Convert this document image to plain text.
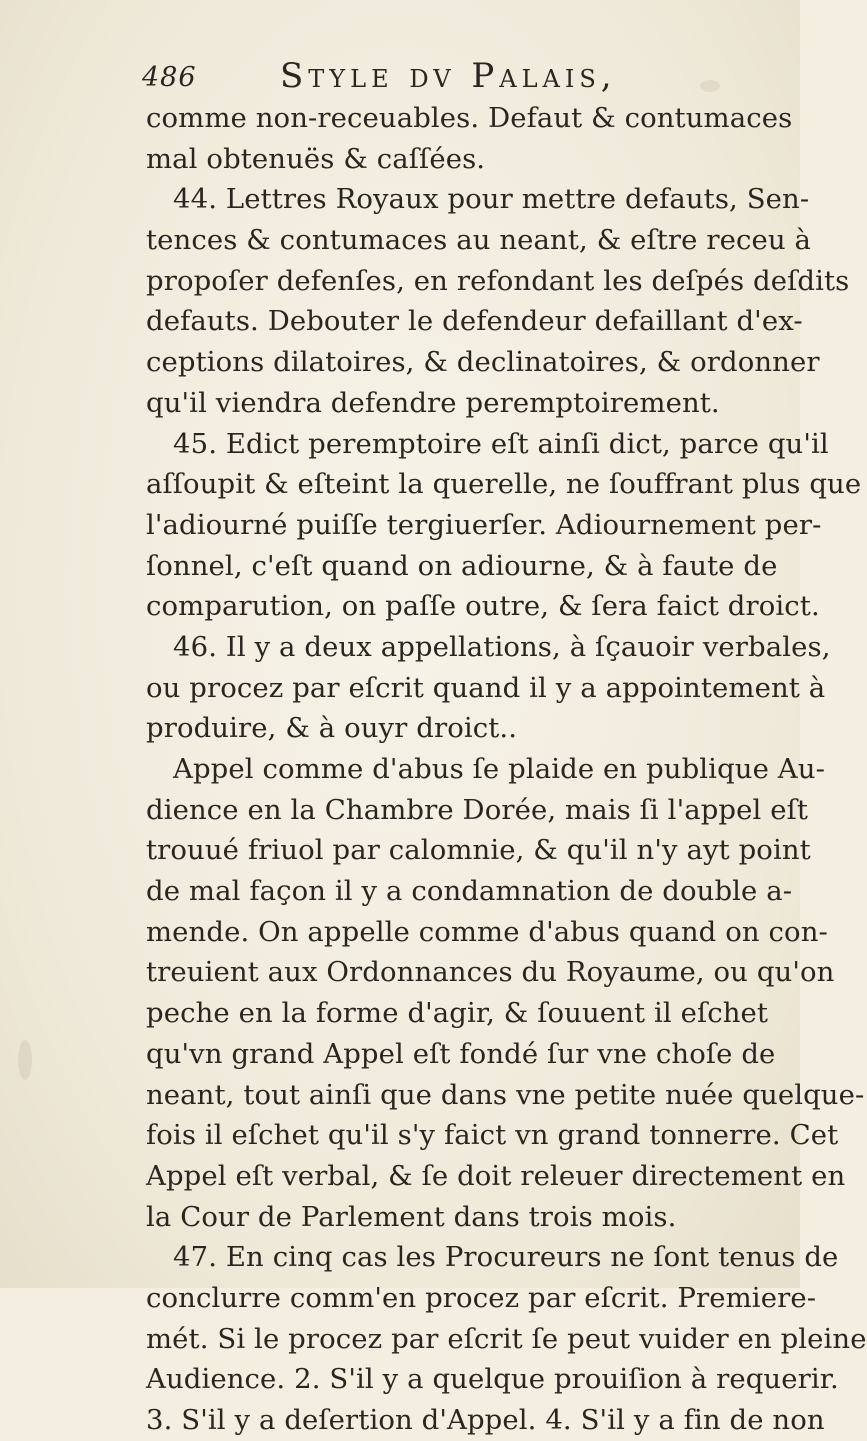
486 Style dv Palais,
comme non-receuables. Defaut & contumaces
mal obtenuës & caſſées.
44. Lettres Royaux pour mettre defauts, Sen-
tences & contumaces au neant, & eſtre receu à
propoſer defenſes, en refondant les deſpés deſdits
defauts. Debouter le defendeur defaillant d'ex-
ceptions dilatoires, & declinatoires, & ordonner
qu'il viendra defendre peremptoirement.
45. Edict peremptoire eſt ainſi dict, parce qu'il
aſſoupit & eſteint la querelle, ne ſouffrant plus que
l'adiourné puiſſe tergiuerſer. Adiournement per-
ſonnel, c'eſt quand on adiourne, & à faute de
comparution, on paſſe outre, & ſera faict droict.
46. Il y a deux appellations, à ſçauoir verbales,
ou procez par eſcrit quand il y a appointement à
produire, & à ouyr droict..
Appel comme d'abus ſe plaide en publique Au-
dience en la Chambre Dorée, mais ſi l'appel eſt
trouué friuol par calomnie, & qu'il n'y ayt point
de mal façon il y a condamnation de double a-
mende. On appelle comme d'abus quand on con-
treuient aux Ordonnances du Royaume, ou qu'on
peche en la forme d'agir, & ſouuent il eſchet
qu'vn grand Appel eſt fondé ſur vne choſe de
neant, tout ainſi que dans vne petite nuée quelque-
fois il eſchet qu'il s'y faict vn grand tonnerre. Cet
Appel eſt verbal, & ſe doit releuer directement en
la Cour de Parlement dans trois mois.
47. En cinq cas les Procureurs ne ſont tenus de
conclurre comm'en procez par eſcrit. Premiere-
mét. Si le procez par eſcrit ſe peut vuider en pleine
Audience. 2. S'il y a quelque prouiſion à requerir.
3. S'il y a deſertion d'Appel. 4. S'il y a fin de non
